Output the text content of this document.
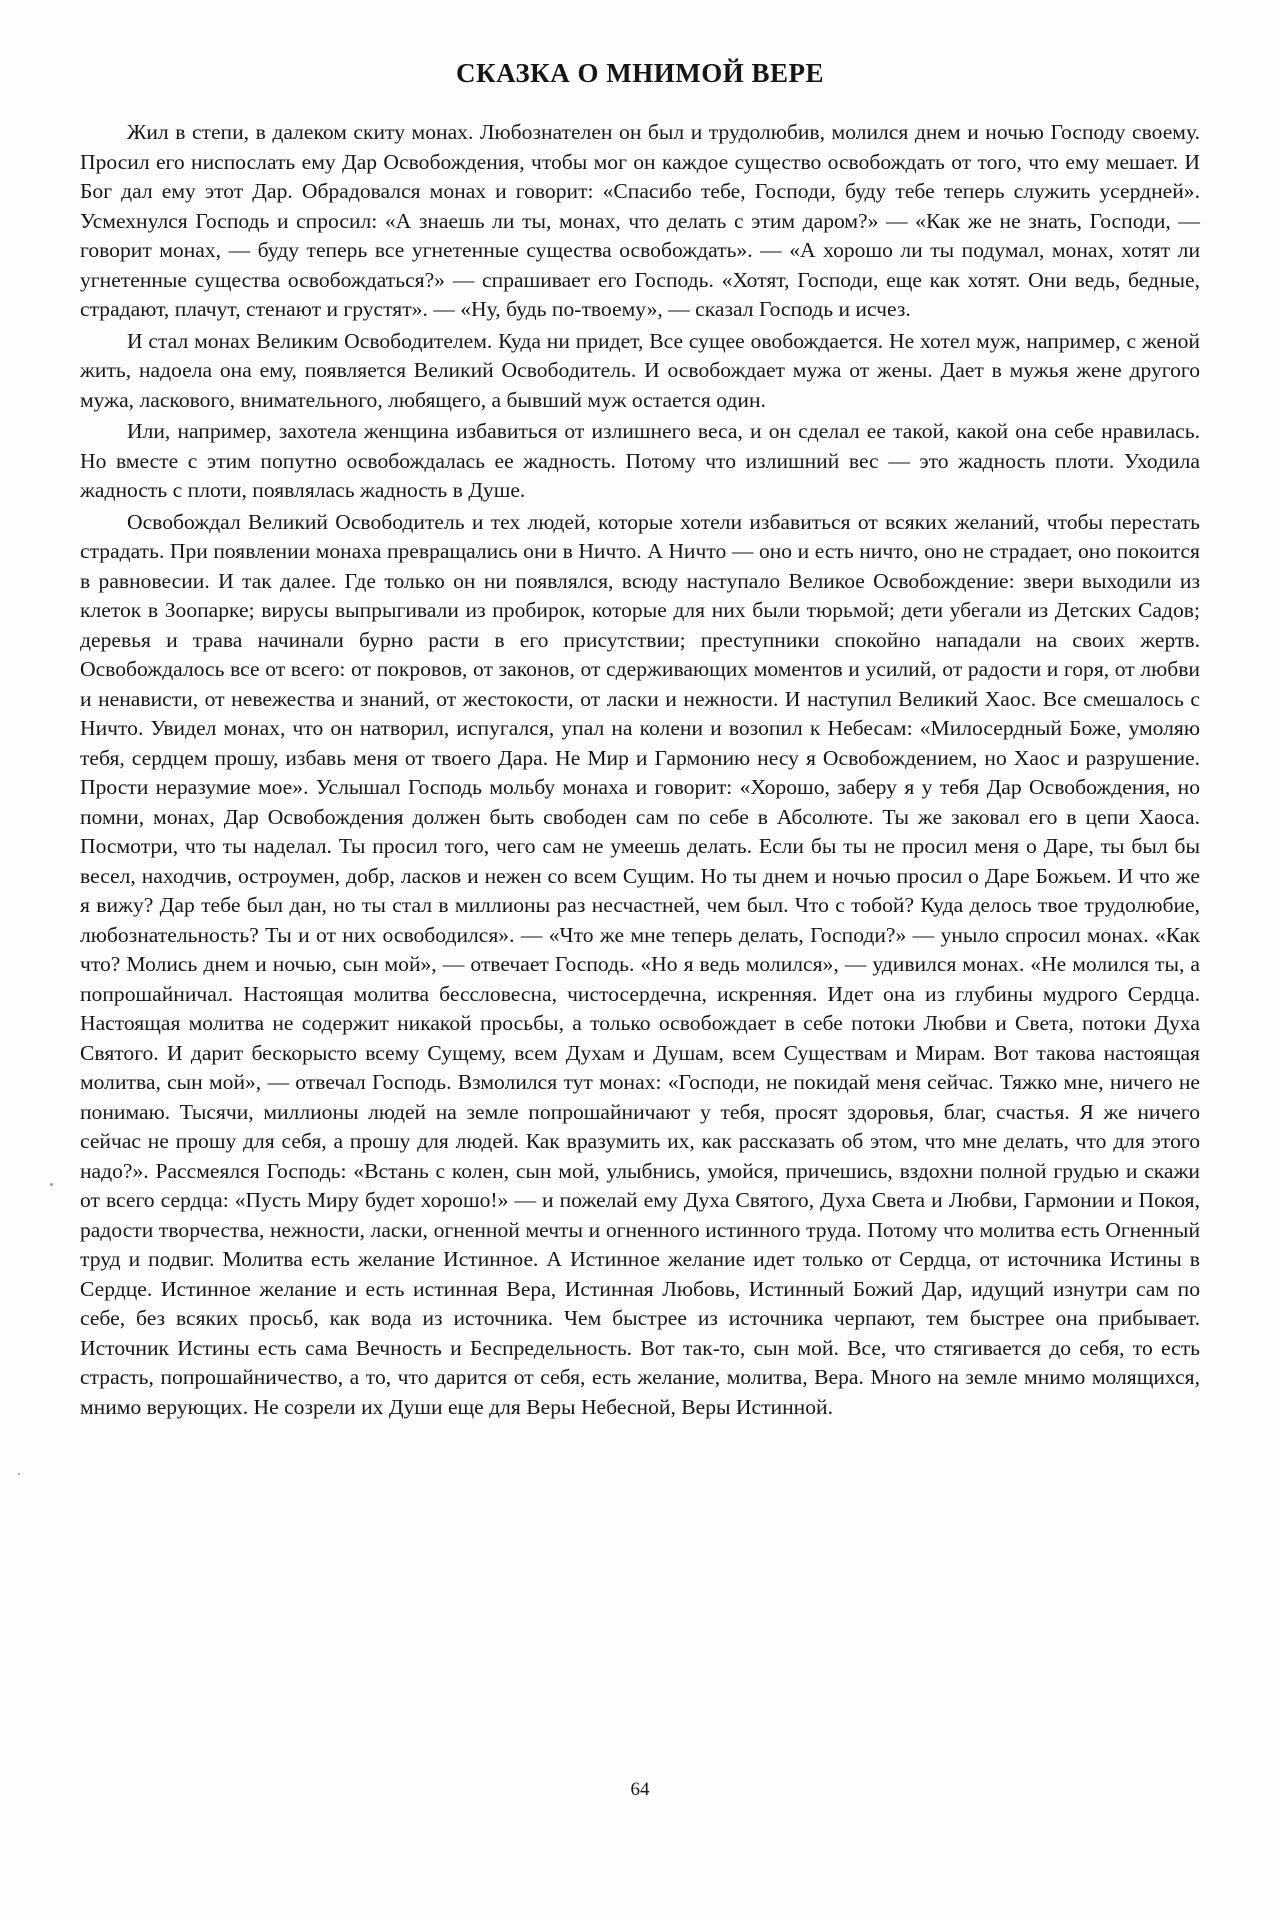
СКАЗКА О МНИМОЙ ВЕРЕ

Жил в степи, в далеком скиту монах. Любознателен он был и трудолюбив, молился днем и ночью Господу своему. Просил его ниспослать ему Дар Освобождения, чтобы мог он каждое существо освобождать от того, что ему мешает. И Бог дал ему этот Дар. Обрадовался монах и говорит: «Спасибо тебе, Господи, буду тебе теперь служить усердней». Усмехнулся Господь и спросил: «А знаешь ли ты, монах, что делать с этим даром?» — «Как же не знать, Господи, — говорит монах, — буду теперь все угнетенные существа освобождать». — «А хорошо ли ты подумал, монах, хотят ли угнетенные существа освобождаться?» — спрашивает его Господь. «Хотят, Господи, еще как хотят. Они ведь, бедные, страдают, плачут, стенают и грустят». — «Ну, будь по-твоему», — сказал Господь и исчез.

И стал монах Великим Освободителем. Куда ни придет, Все сущее овобождается. Не хотел муж, например, с женой жить, надоела она ему, появляется Великий Освободитель. И освобождает мужа от жены. Дает в мужья жене другого мужа, ласкового, внимательного, любящего, а бывший муж остается один.

Или, например, захотела женщина избавиться от излишнего веса, и он сделал ее такой, какой она себе нравилась. Но вместе с этим попутно освобождалась ее жадность. Потому что излишний вес — это жадность плоти. Уходила жадность с плоти, появлялась жадность в Душе.

Освобождал Великий Освободитель и тех людей, которые хотели избавиться от всяких желаний, чтобы перестать страдать. При появлении монаха превращались они в Ничто. А Ничто — оно и есть ничто, оно не страдает, оно покоится в равновесии. И так далее. Где только он ни появлялся, всюду наступало Великое Освобождение: звери выходили из клеток в Зоопарке; вирусы выпрыгивали из пробирок, которые для них были тюрьмой; дети убегали из Детских Садов; деревья и трава начинали бурно расти в его присутствии; преступники спокойно нападали на своих жертв. Освобождалось все от всего: от покровов, от законов, от сдерживающих моментов и усилий, от радости и горя, от любви и ненависти, от невежества и знаний, от жестокости, от ласки и нежности. И наступил Великий Хаос. Все смешалось с Ничто. Увидел монах, что он натворил, испугался, упал на колени и возопил к Небесам: «Милосердный Боже, умоляю тебя, сердцем прошу, избавь меня от твоего Дара. Не Мир и Гармонию несу я Освобождением, но Хаос и разрушение. Прости неразумие мое». Услышал Господь мольбу монаха и говорит: «Хорошо, заберу я у тебя Дар Освобождения, но помни, монах, Дар Освобождения должен быть свободен сам по себе в Абсолюте. Ты же заковал его в цепи Хаоса. Посмотри, что ты наделал. Ты просил того, чего сам не умеешь делать. Если бы ты не просил меня о Даре, ты был бы весел, находчив, остроумен, добр, ласков и нежен со всем Сущим. Но ты днем и ночью просил о Даре Божьем. И что же я вижу? Дар тебе был дан, но ты стал в миллионы раз несчастней, чем был. Что с тобой? Куда делось твое трудолюбие, любознательность? Ты и от них освободился». — «Что же мне теперь делать, Господи?» — уныло спросил монах. «Как что? Молись днем и ночью, сын мой», — отвечает Господь. «Но я ведь молился», — удивился монах. «Не молился ты, а попрошайничал. Настоящая молитва бессловесна, чистосердечна, искренняя. Идет она из глубины мудрого Сердца. Настоящая молитва не содержит никакой просьбы, а только освобождает в себе потоки Любви и Света, потоки Духа Святого. И дарит бескорысто всему Сущему, всем Духам и Душам, всем Существам и Мирам. Вот такова настоящая молитва, сын мой», — отвечал Господь. Взмолился тут монах: «Господи, не покидай меня сейчас. Тяжко мне, ничего не понимаю. Тысячи, миллионы людей на земле попрошайничают у тебя, просят здоровья, благ, счастья. Я же ничего сейчас не прошу для себя, а прошу для людей. Как вразумить их, как рассказать об этом, что мне делать, что для этого надо?». Рассмеялся Господь: «Встань с колен, сын мой, улыбнись, умойся, причешись, вздохни полной грудью и скажи от всего сердца: «Пусть Миру будет хорошо!» — и пожелай ему Духа Святого, Духа Света и Любви, Гармонии и Покоя, радости творчества, нежности, ласки, огненной мечты и огненного истинного труда. Потому что молитва есть Огненный труд и подвиг. Молитва есть желание Истинное. А Истинное желание идет только от Сердца, от источника Истины в Сердце. Истинное желание и есть истинная Вера, Истинная Любовь, Истинный Божий Дар, идущий изнутри сам по себе, без всяких просьб, как вода из источника. Чем быстрее из источника черпают, тем быстрее она прибывает. Источник Истины есть сама Вечность и Беспредельность. Вот так-то, сын мой. Все, что стягивается до себя, то есть страсть, попрошайничество, а то, что дарится от себя, есть желание, молитва, Вера. Много на земле мнимо молящихся, мнимо верующих. Не созрели их Души еще для Веры Небесной, Веры Истинной.

64
